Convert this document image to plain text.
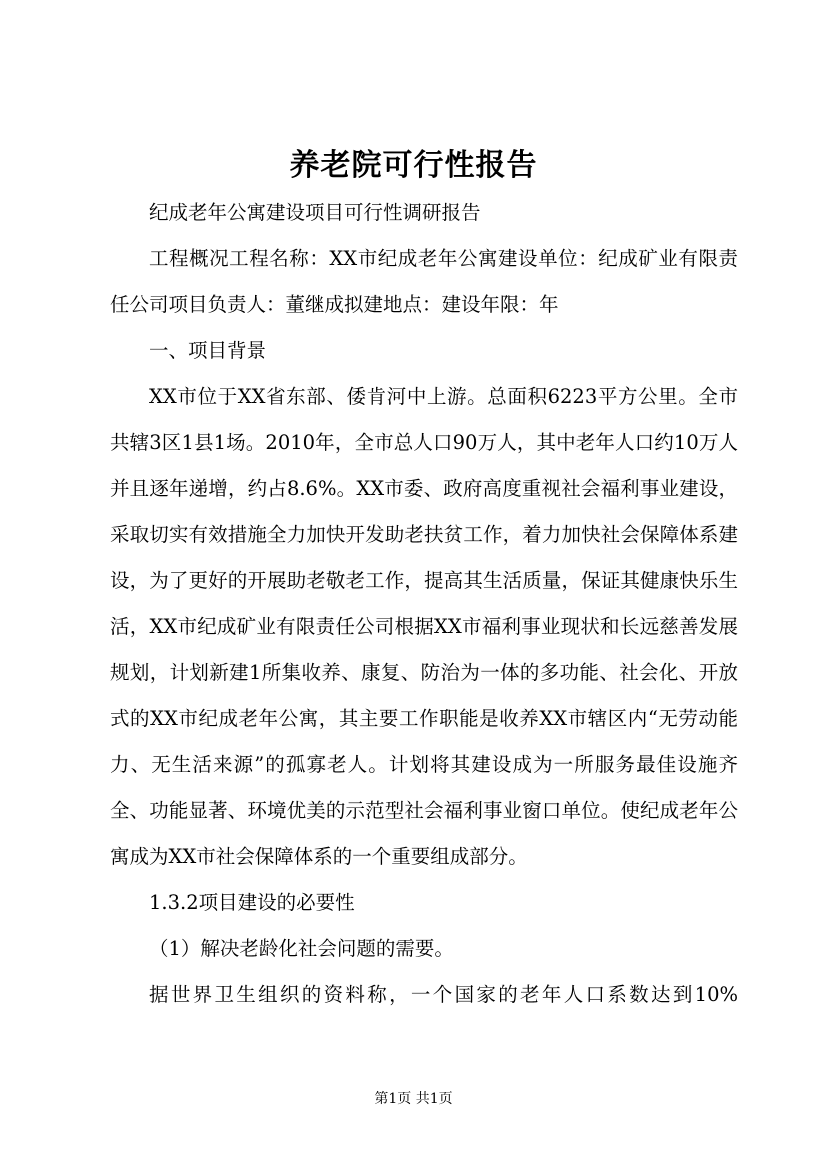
养老院可行性报告

纪成老年公寓建设项目可行性调研报告

工程概况工程名称：XX市纪成老年公寓建设单位：纪成矿业有限责任公司项目负责人：董继成拟建地点：建设年限：年

一、项目背景

XX市位于XX省东部、倭肯河中上游。总面积6223平方公里。全市共辖3区1县1场。2010年，全市总人口90万人，其中老年人口约10万人并且逐年递增，约占8.6%。XX市委、政府高度重视社会福利事业建设，采取切实有效措施全力加快开发助老扶贫工作，着力加快社会保障体系建设，为了更好的开展助老敬老工作，提高其生活质量，保证其健康快乐生活，XX市纪成矿业有限责任公司根据XX市福利事业现状和长远慈善发展规划，计划新建1所集收养、康复、防治为一体的多功能、社会化、开放式的XX市纪成老年公寓，其主要工作职能是收养XX市辖区内“无劳动能力、无生活来源”的孤寡老人。计划将其建设成为一所服务最佳设施齐全、功能显著、环境优美的示范型社会福利事业窗口单位。使纪成老年公寓成为XX市社会保障体系的一个重要组成部分。

1.3.2项目建设的必要性

（1）解决老龄化社会问题的需要。

据世界卫生组织的资料称，一个国家的老年人口系数达到10%

第1页 共1页
